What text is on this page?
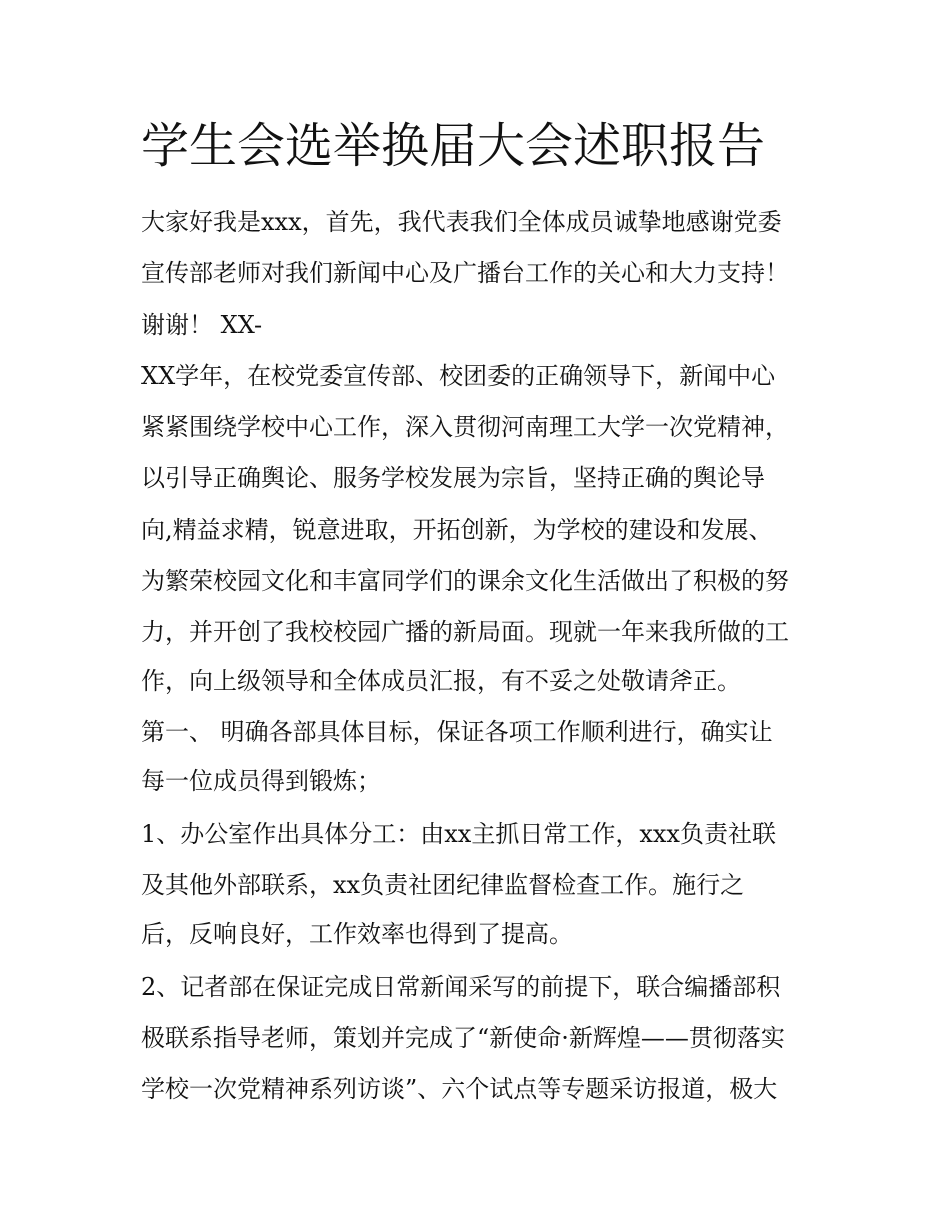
学生会选举换届大会述职报告
大家好我是xxx，首先，我代表我们全体成员诚挚地感谢党委
宣传部老师对我们新闻中心及广播台工作的关心和大力支持！
谢谢！ XX-
XX学年，在校党委宣传部、校团委的正确领导下，新闻中心
紧紧围绕学校中心工作，深入贯彻河南理工大学一次党精神，
以引导正确舆论、服务学校发展为宗旨，坚持正确的舆论导
向,精益求精，锐意进取，开拓创新，为学校的建设和发展、
为繁荣校园文化和丰富同学们的课余文化生活做出了积极的努
力，并开创了我校校园广播的新局面。现就一年来我所做的工
作，向上级领导和全体成员汇报，有不妥之处敬请斧正。
第一、 明确各部具体目标，保证各项工作顺利进行，确实让
每一位成员得到锻炼；
1、办公室作出具体分工：由xx主抓日常工作，xxx负责社联
及其他外部联系，xx负责社团纪律监督检查工作。施行之
后，反响良好，工作效率也得到了提高。
2、记者部在保证完成日常新闻采写的前提下，联合编播部积
极联系指导老师，策划并完成了“新使命·新辉煌——贯彻落实
学校一次党精神系列访谈”、六个试点等专题采访报道，极大
